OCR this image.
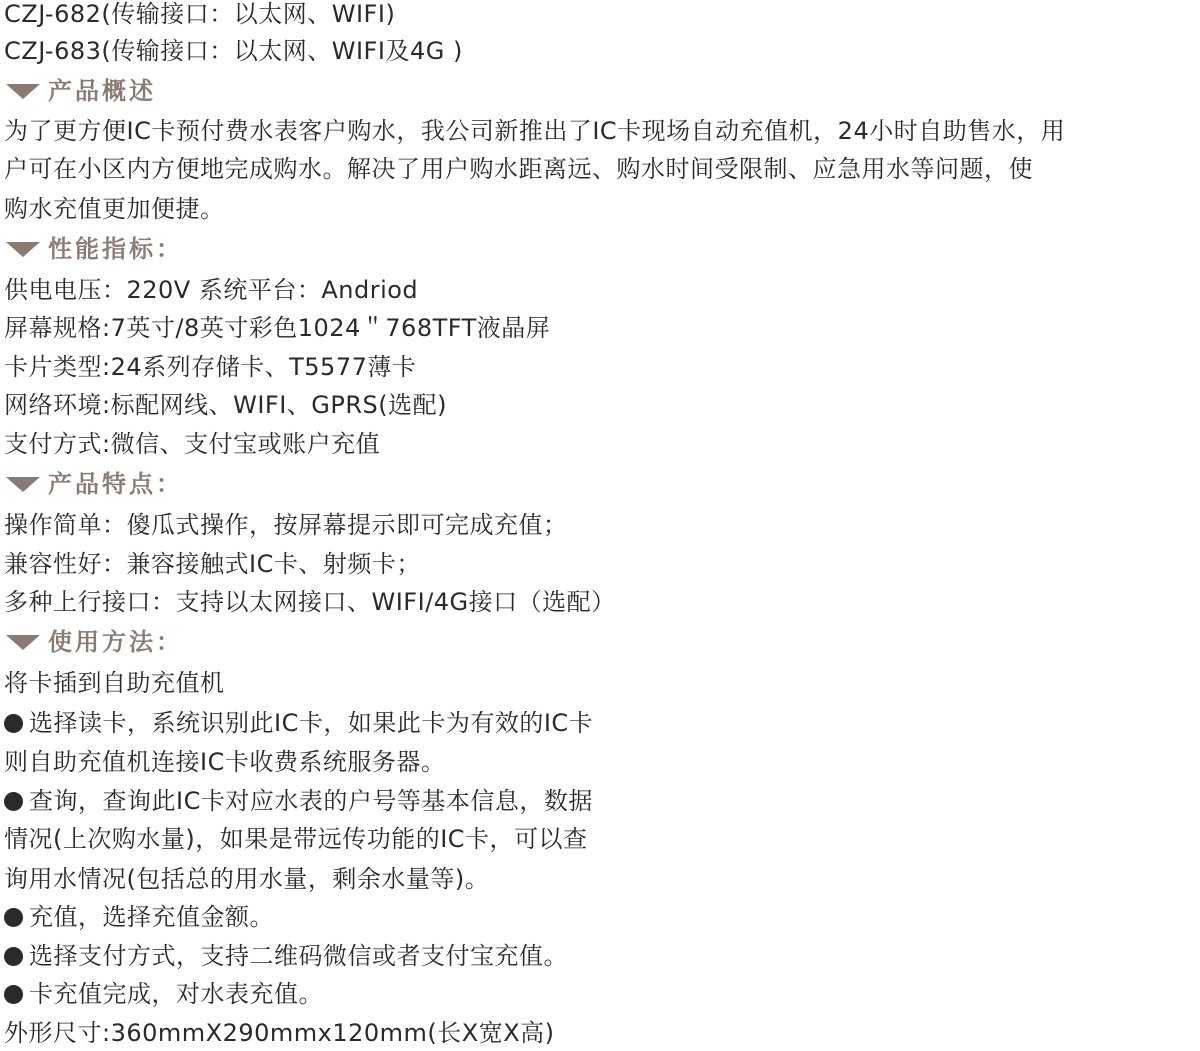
CZJ-682(传输接口：以太网、WIFI)
CZJ-683(传输接口：以太网、WIFI及4G )
产品概述
为了更方便IC卡预付费水表客户购水，我公司新推出了IC卡现场自动充值机，24小时自助售水，用
户可在小区内方便地完成购水。解决了用户购水距离远、购水时间受限制、应急用水等问题，使
购水充值更加便捷。
性能指标：
供电电压：220V 系统平台：Andriod
屏幕规格:7英寸/8英寸彩色1024＂768TFT液晶屏
卡片类型:24系列存储卡、T5577薄卡
网络环境:标配网线、WIFI、GPRS(选配)
支付方式:微信、支付宝或账户充值
产品特点：
操作简单：傻瓜式操作，按屏幕提示即可完成充值；
兼容性好：兼容接触式IC卡、射频卡；
多种上行接口：支持以太网接口、WIFI/4G接口（选配）
使用方法：
将卡插到自助充值机
选择读卡，系统识别此IC卡，如果此卡为有效的IC卡
则自助充值机连接IC卡收费系统服务器。
查询，查询此IC卡对应水表的户号等基本信息，数据
情况(上次购水量)，如果是带远传功能的IC卡，可以查
询用水情况(包括总的用水量，剩余水量等)。
充值，选择充值金额。
选择支付方式，支持二维码微信或者支付宝充值。
卡充值完成，对水表充值。
外形尺寸:360mmX290mmx120mm(长X宽X高)
